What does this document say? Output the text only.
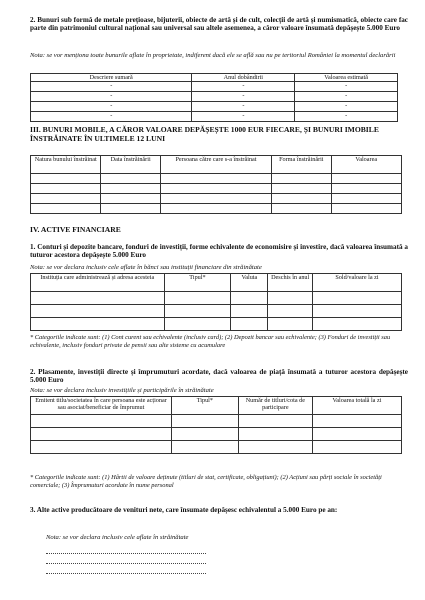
2. Bunuri sub formă de metale prețioase, bijuterii, obiecte de artă și de cult, colecții de artă și numismatică, obiecte care fac parte din patrimoniul cultural național sau universal sau altele asemenea, a căror valoare însumată depășește 5.000 Euro

Nota: se vor menționa toate bunurile aflate în proprietate, indiferent dacă ele se află sau nu pe teritoriul României la momentul declarării

Descriere sumară	Anul dobândirii	Valoarea estimată
-	-	-
-	-	-
-	-	-
-	-	-

III. BUNURI MOBILE, A CĂROR VALOARE DEPĂȘEȘTE 1000 EUR FIECARE, ȘI BUNURI IMOBILE ÎNSTRĂINATE ÎN ULTIMELE 12 LUNI

Natura bunului înstrăinat	Data înstrăinării	Persoana către care s-a înstrăinat	Forma înstrăinării	Valoarea

IV. ACTIVE FINANCIARE

1. Conturi și depozite bancare, fonduri de investiții, forme echivalente de economisire și investire, dacă valoarea însumată a tuturor acestora depășește 5.000 Euro

Nota: se vor declara inclusiv cele aflate în bănci sau instituții financiare din străinătate

Instituția care administrează și adresa acesteia	Tipul*	Valuta	Deschis în anul	Sold/valoare la zi

* Categoriile indicate sunt: (1) Cont curent sau echivalente (inclusiv card); (2) Depozit bancar sau echivalente; (3) Fonduri de investiții sau echivalente, inclusiv fonduri private de pensii sau alte sisteme cu acumulare

2. Plasamente, investiții directe și împrumuturi acordate, dacă valoarea de piață însumată a tuturor acestora depășește 5.000 Euro

Nota: se vor declara inclusiv investițiile și participările în străinătate

Emitent titlu/societatea în care persoana este acționar sau asociat/beneficiar de împrumut	Tipul*	Număr de titluri/cota de participare	Valoarea totală la zi

* Categoriile indicate sunt: (1) Hârtii de valoare deținute (titluri de stat, certificate, obligațiuni); (2) Acțiuni sau părți sociale în societăți comerciale; (3) Împrumuturi acordate în nume personal

3. Alte active producătoare de venituri nete, care însumate depășesc echivalentul a 5.000 Euro pe an:

Nota: se vor declara inclusiv cele aflate în străinătate
